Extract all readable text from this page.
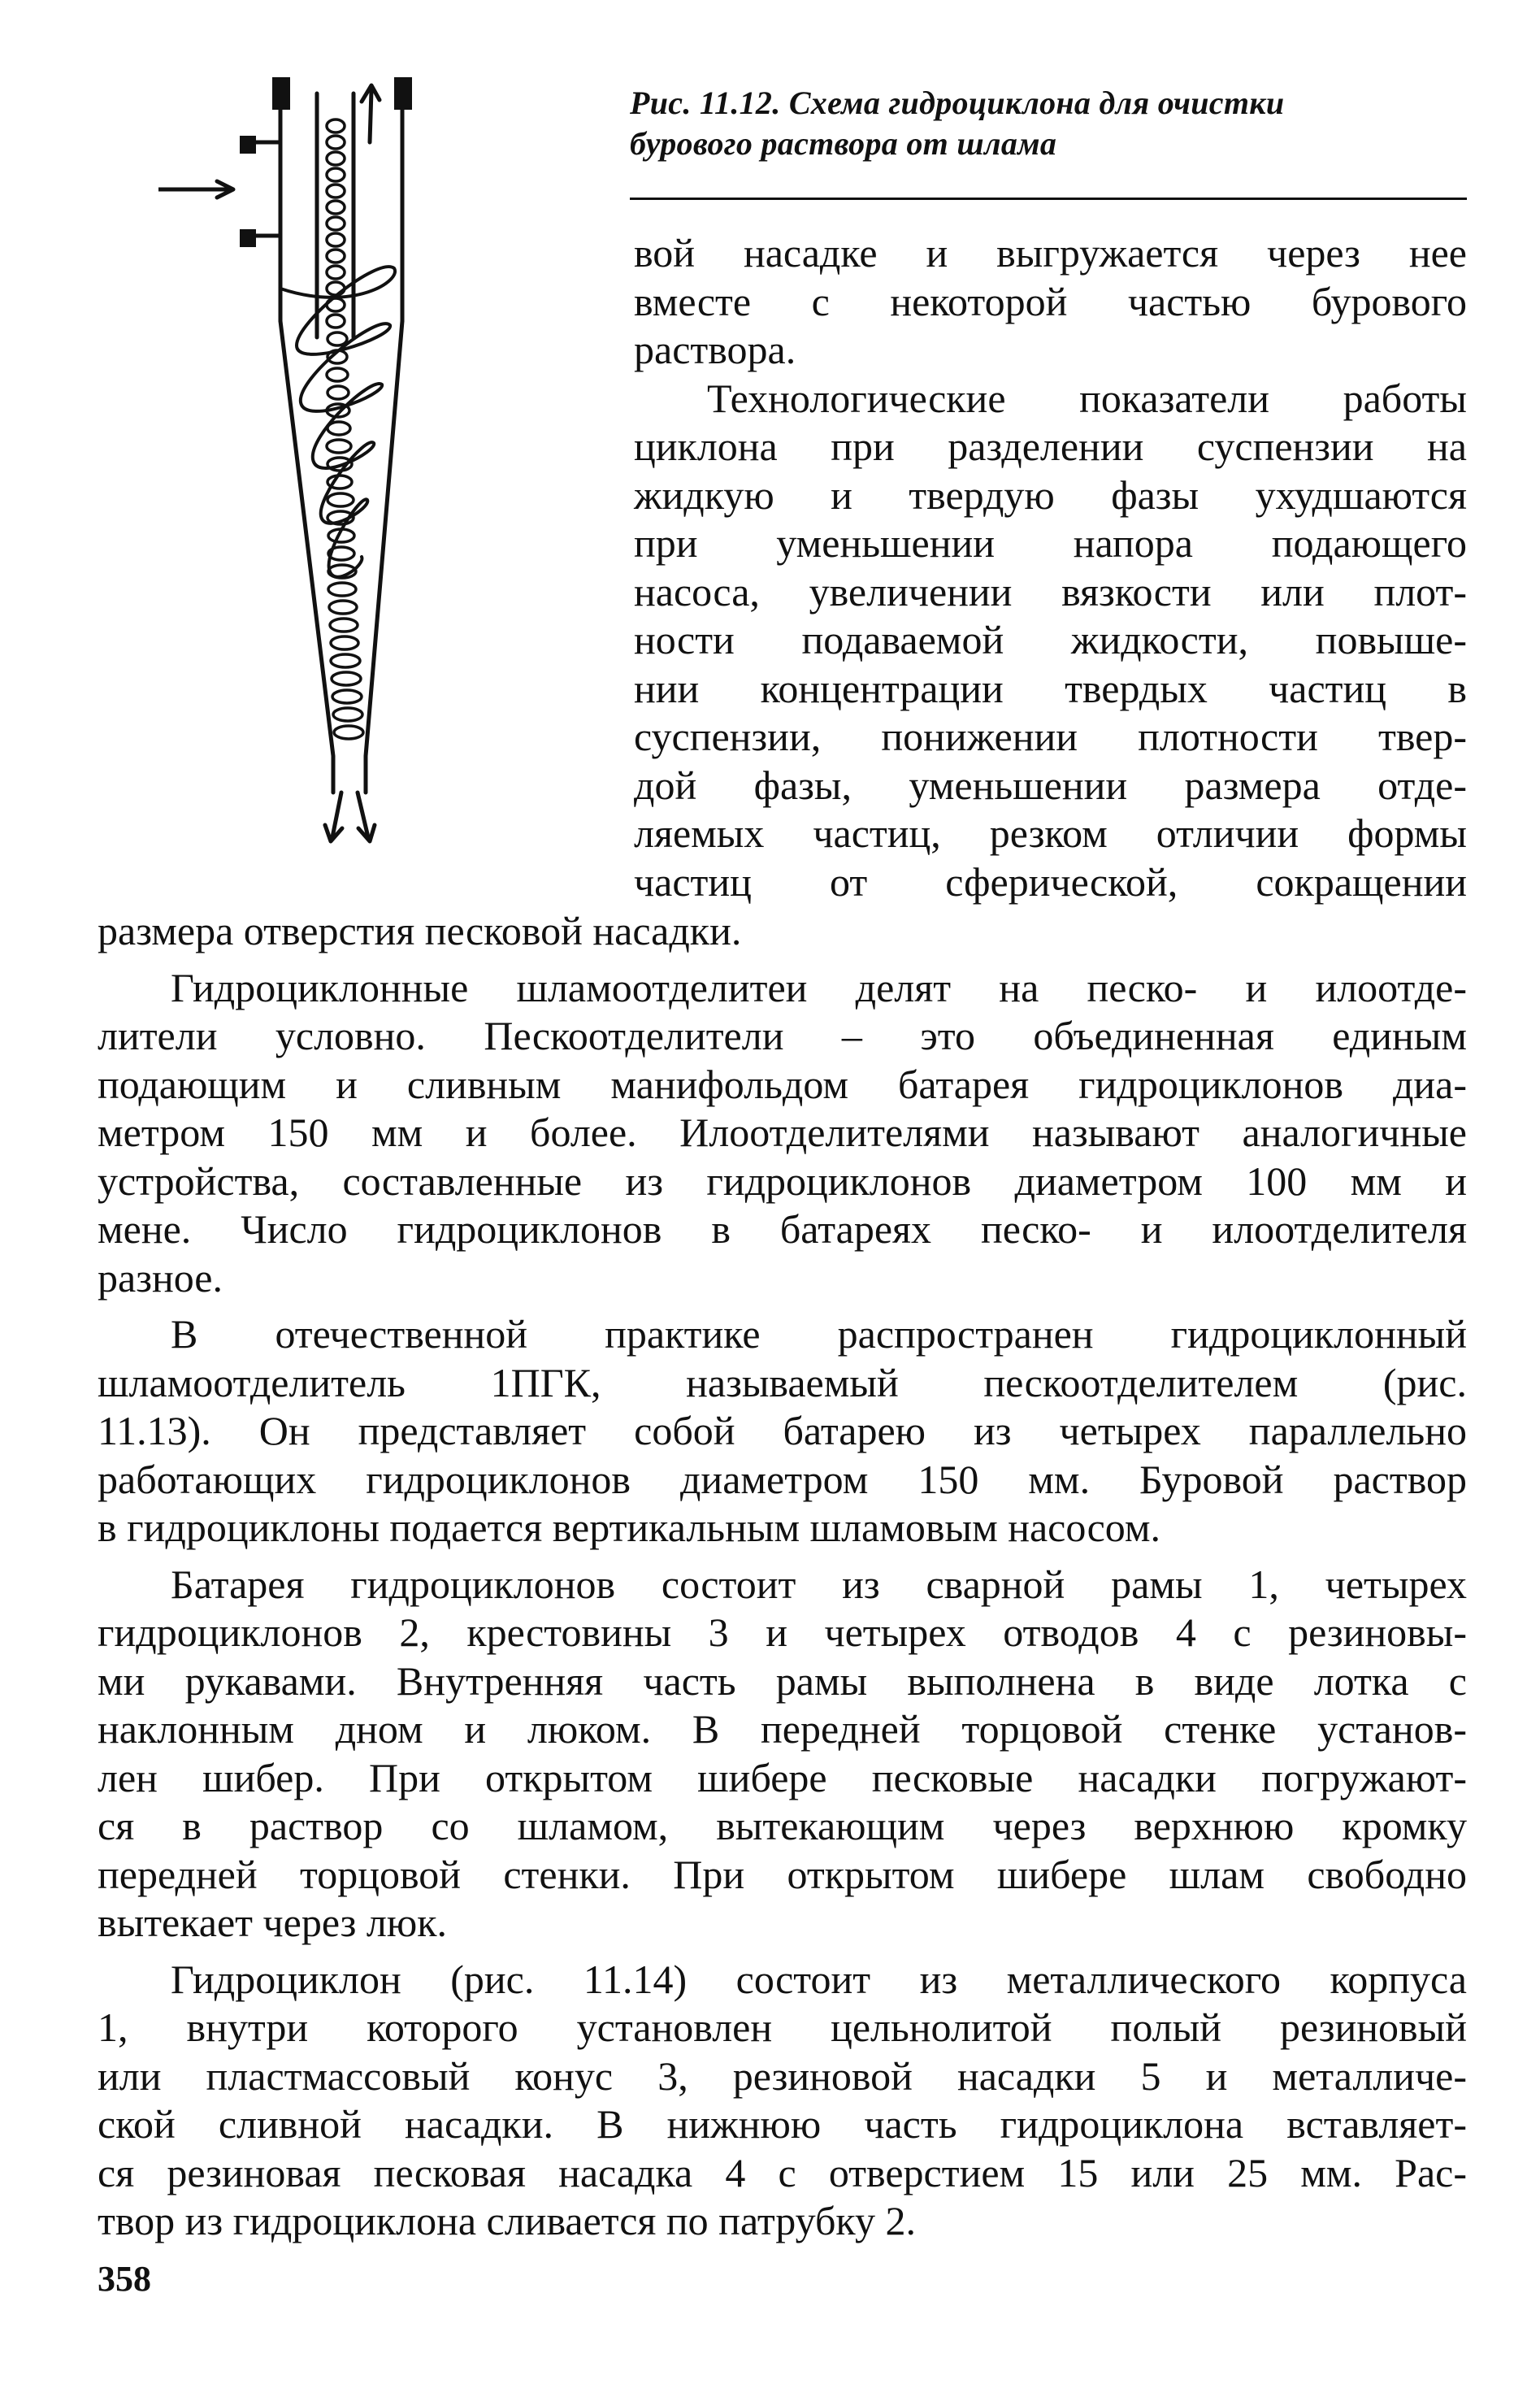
Рис. 11.12. Схема гидроциклона для очистки
бурового раствора от шлама
вой насадке и выгружается через нее
вместе с некоторой частью бурового
раствора.
Технологические показатели работы
циклона при разделении суспензии на
жидкую и твердую фазы ухудшаются
при уменьшении напора подающего
насоса, увеличении вязкости или плот-
ности подаваемой жидкости, повыше-
нии концентрации твердых частиц в
суспензии, понижении плотности твер-
дой фазы, уменьшении размера отде-
ляемых частиц, резком отличии формы
частиц от сферической, сокращении
размера отверстия песковой насадки.
Гидроциклонные шламоотделитеи делят на песко- и илоотде-
лители условно. Пескоотделители – это объединенная единым
подающим и сливным манифольдом батарея гидроциклонов диа-
метром 150 мм и более. Илоотделителями называют аналогичные
устройства, составленные из гидроциклонов диаметром 100 мм и
мене. Число гидроциклонов в батареях песко- и илоотделителя
разное.
В отечественной практике распространен гидроциклонный
шламоотделитель 1ПГК, называемый пескоотделителем (рис.
11.13). Он представляет собой батарею из четырех параллельно
работающих гидроциклонов диаметром 150 мм. Буровой раствор
в гидроциклоны подается вертикальным шламовым насосом.
Батарея гидроциклонов состоит из сварной рамы 1, четырех
гидроциклонов 2, крестовины 3 и четырех отводов 4 с резиновы-
ми рукавами. Внутренняя часть рамы выполнена в виде лотка с
наклонным дном и люком. В передней торцовой стенке установ-
лен шибер. При открытом шибере песковые насадки погружают-
ся в раствор со шламом, вытекающим через верхнюю кромку
передней торцовой стенки. При открытом шибере шлам свободно
вытекает через люк.
Гидроциклон (рис. 11.14) состоит из металлического корпуса
1, внутри которого установлен цельнолитой полый резиновый
или пластмассовый конус 3, резиновой насадки 5 и металличе-
ской сливной насадки. В нижнюю часть гидроциклона вставляет-
ся резиновая песковая насадка 4 с отверстием 15 или 25 мм. Рас-
твор из гидроциклона сливается по патрубку 2.
358
